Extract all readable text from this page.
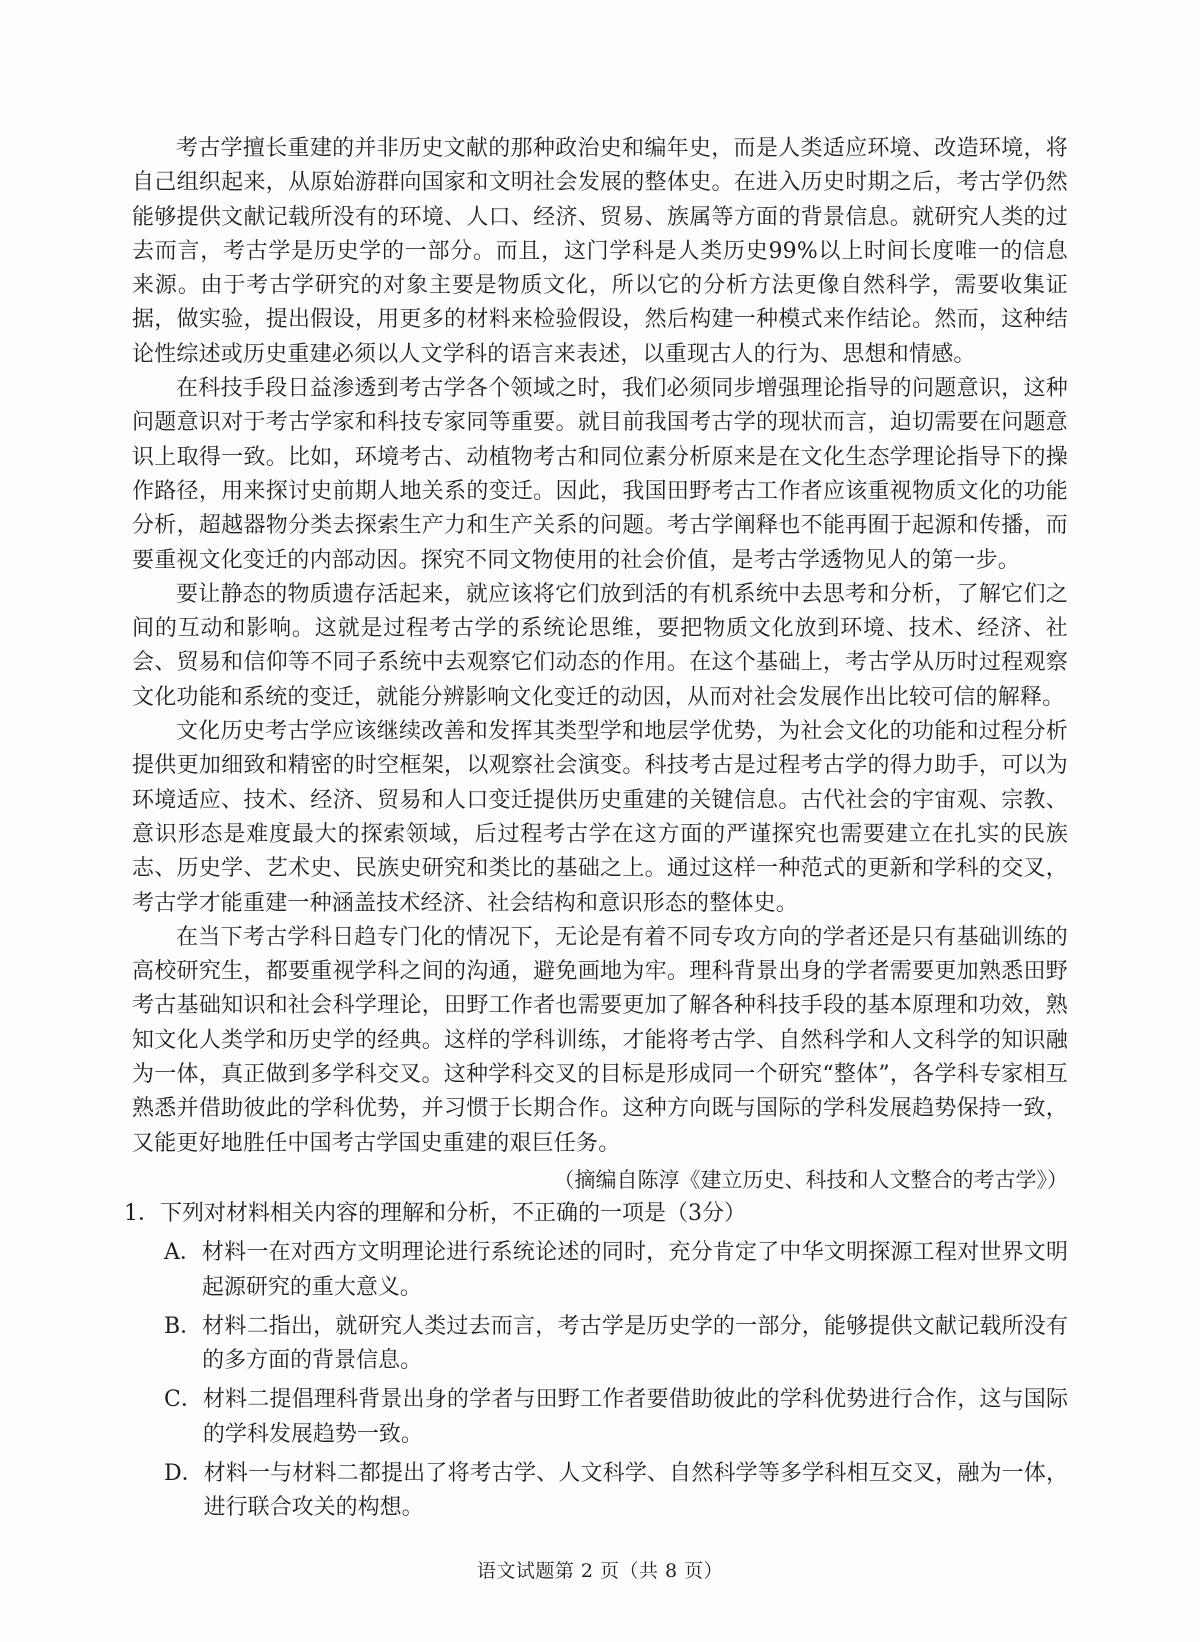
考古学擅长重建的并非历史文献的那种政治史和编年史，而是人类适应环境、改造环境，将自己组织起来，从原始游群向国家和文明社会发展的整体史。在进入历史时期之后，考古学仍然能够提供文献记载所没有的环境、人口、经济、贸易、族属等方面的背景信息。就研究人类的过去而言，考古学是历史学的一部分。而且，这门学科是人类历史99%以上时间长度唯一的信息来源。由于考古学研究的对象主要是物质文化，所以它的分析方法更像自然科学，需要收集证据，做实验，提出假设，用更多的材料来检验假设，然后构建一种模式来作结论。然而，这种结论性综述或历史重建必须以人文学科的语言来表述，以重现古人的行为、思想和情感。

在科技手段日益渗透到考古学各个领域之时，我们必须同步增强理论指导的问题意识，这种问题意识对于考古学家和科技专家同等重要。就目前我国考古学的现状而言，迫切需要在问题意识上取得一致。比如，环境考古、动植物考古和同位素分析原来是在文化生态学理论指导下的操作路径，用来探讨史前期人地关系的变迁。因此，我国田野考古工作者应该重视物质文化的功能分析，超越器物分类去探索生产力和生产关系的问题。考古学阐释也不能再囿于起源和传播，而要重视文化变迁的内部动因。探究不同文物使用的社会价值，是考古学透物见人的第一步。

要让静态的物质遗存活起来，就应该将它们放到活的有机系统中去思考和分析，了解它们之间的互动和影响。这就是过程考古学的系统论思维，要把物质文化放到环境、技术、经济、社会、贸易和信仰等不同子系统中去观察它们动态的作用。在这个基础上，考古学从历时过程观察文化功能和系统的变迁，就能分辨影响文化变迁的动因，从而对社会发展作出比较可信的解释。

文化历史考古学应该继续改善和发挥其类型学和地层学优势，为社会文化的功能和过程分析提供更加细致和精密的时空框架，以观察社会演变。科技考古是过程考古学的得力助手，可以为环境适应、技术、经济、贸易和人口变迁提供历史重建的关键信息。古代社会的宇宙观、宗教、意识形态是难度最大的探索领域，后过程考古学在这方面的严谨探究也需要建立在扎实的民族志、历史学、艺术史、民族史研究和类比的基础之上。通过这样一种范式的更新和学科的交叉，考古学才能重建一种涵盖技术经济、社会结构和意识形态的整体史。

在当下考古学科日趋专门化的情况下，无论是有着不同专攻方向的学者还是只有基础训练的高校研究生，都要重视学科之间的沟通，避免画地为牢。理科背景出身的学者需要更加熟悉田野考古基础知识和社会科学理论，田野工作者也需要更加了解各种科技手段的基本原理和功效，熟知文化人类学和历史学的经典。这样的学科训练，才能将考古学、自然科学和人文科学的知识融为一体，真正做到多学科交叉。这种学科交叉的目标是形成同一个研究“整体”，各学科专家相互熟悉并借助彼此的学科优势，并习惯于长期合作。这种方向既与国际的学科发展趋势保持一致，又能更好地胜任中国考古学国史重建的艰巨任务。

（摘编自陈淳《建立历史、科技和人文整合的考古学》）

1．下列对材料相关内容的理解和分析，不正确的一项是（3分）

A． 材料一在对西方文明理论进行系统论述的同时，充分肯定了中华文明探源工程对世界文明起源研究的重大意义。
B． 材料二指出，就研究人类过去而言，考古学是历史学的一部分，能够提供文献记载所没有的多方面的背景信息。
C． 材料二提倡理科背景出身的学者与田野工作者要借助彼此的学科优势进行合作，这与国际的学科发展趋势一致。
D． 材料一与材料二都提出了将考古学、人文科学、自然科学等多学科相互交叉，融为一体，进行联合攻关的构想。
语文试题第 2 页（共 8 页）
